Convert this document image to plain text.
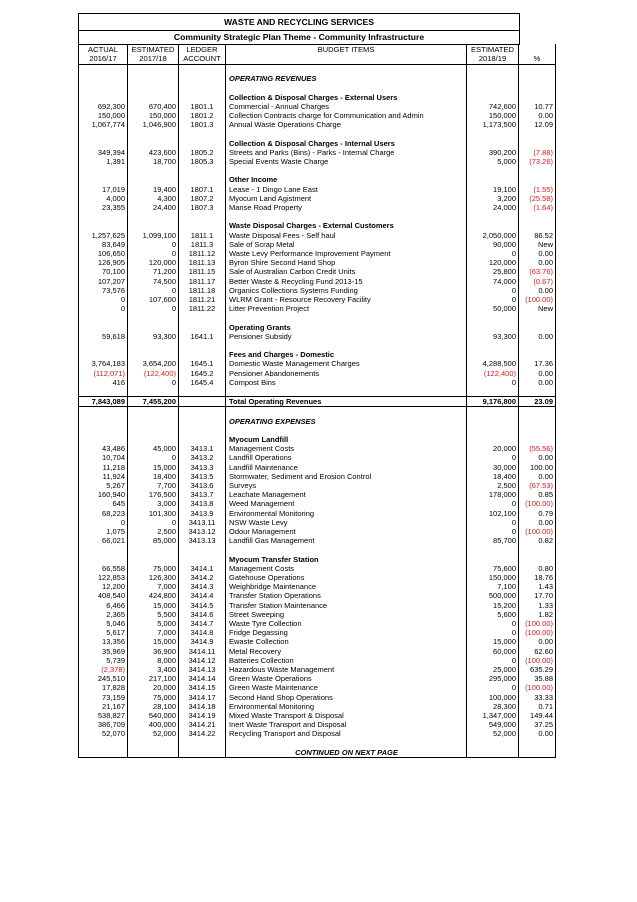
WASTE AND RECYCLING SERVICES
Community Strategic Plan Theme - Community Infrastructure
ACTUAL	ESTIMATED	LEDGER	BUDGET ITEMS	ESTIMATED	
2016/17	2017/18	ACCOUNT		2018/19	%

			OPERATING REVENUES		

			Collection & Disposal Charges - External Users		
692,300	670,400	1801.1	Commercial - Annual Charges	742,600	10.77
150,000	150,000	1801.2	Collection Contracts charge for Communication and Admin	150,000	0.00
1,067,774	1,046,900	1801.3	Annual Waste Operations Charge	1,173,500	12.09

			Collection & Disposal Charges - Internal Users		
349,394	423,600	1805.2	Streets and Parks (Bins) - Parks - Internal Charge	390,200	(7.88)
1,391	18,700	1805.3	Special Events Waste Charge	5,000	(73.26)

			Other Income		
17,019	19,400	1807.1	Lease - 1 Dingo Lane East	19,100	(1.55)
4,000	4,300	1807.2	Myocum Land Agistment	3,200	(25.58)
23,355	24,400	1807.3	Manse Road Property	24,000	(1.64)

			Waste Disposal Charges - External Customers		
1,257,625	1,099,100	1811.1	Waste Disposal Fees - Self haul	2,050,000	86.52
83,649	0	1811.3	Sale of Scrap Metal	90,000	New
106,650	0	1811.12	Waste Levy Performance Improvement Payment	0	0.00
126,905	120,000	1811.13	Byron Shire Second Hand Shop	120,000	0.00
70,100	71,200	1811.15	Sale of Australian Carbon Credit Units	25,800	(63.76)
107,207	74,500	1811.17	Better Waste & Recycling Fund 2013-15	74,000	(0.67)
73,576	0	1811.18	Organics Collections Systems Funding	0	0.00
0	107,600	1811.21	WLRM Grant - Resource Recovery Facility	0	(100.00)
0	0	1811.22	Litter Prevention Project	50,000	New

			Operating Grants		
59,618	93,300	1641.1	Pensioner Subsidy	93,300	0.00

			Fees and Charges - Domestic		
3,764,183	3,654,200	1645.1	Domestic Waste Management Charges	4,288,500	17.36
(112,071)	(122,400)	1645.2	Pensioner Abandonements	(122,400)	0.00
416	0	1645.4	Compost Bins	0	0.00

7,843,089	7,455,200		Total Operating Revenues	9,176,800	23.09

			OPERATING EXPENSES		

			Myocum Landfill		
43,486	45,000	3413.1	Management Costs	20,000	(55.56)
10,704	0	3413.2	Landfill Operations	0	0.00
11,218	15,000	3413.3	Landfill Maintenance	30,000	100.00
11,924	18,400	3413.5	Stormwater, Sediment and Erosion Control	18,400	0.00
5,267	7,700	3413.6	Surveys	2,500	(67.53)
160,940	176,500	3413.7	Leachate Management	178,000	0.85
645	3,000	3413.8	Weed Management	0	(100.00)
68,223	101,300	3413.9	Environmental Monitoring	102,100	0.79
0	0	3413.11	NSW Waste Levy	0	0.00
1,075	2,500	3413.12	Odour Management	0	(100.00)
66,021	85,000	3413.13	Landfill Gas Management	85,700	0.82

			Myocum Transfer Station		
66,558	75,000	3414.1	Management Costs	75,600	0.80
122,853	126,300	3414.2	Gatehouse Operations	150,000	18.76
12,200	7,000	3414.3	Weighbridge Maintenance	7,100	1.43
408,540	424,800	3414.4	Transfer Station Operations	500,000	17.70
6,466	15,000	3414.5	Transfer Station Maintenance	15,200	1.33
2,365	5,500	3414.6	Street Sweeping	5,600	1.82
5,046	5,000	3414.7	Waste Tyre Collection	0	(100.00)
5,617	7,000	3414.8	Fridge Degassing	0	(100.00)
13,356	15,000	3414.9	Ewaste Collection	15,000	0.00
35,969	36,900	3414.11	Metal Recovery	60,000	62.60
5,739	8,000	3414.12	Batteries Collection	0	(100.00)
(2,378)	3,400	3414.13	Hazardous Waste Management	25,000	635.29
245,510	217,100	3414.14	Green Waste Operations	295,000	35.88
17,828	20,000	3414.15	Green Waste Maintenance	0	(100.00)
73,159	75,000	3414.17	Second Hand Shop Operations	100,000	33.33
21,167	28,100	3414.18	Environmental Monitoring	28,300	0.71
538,827	540,000	3414.19	Mixed Waste Transport & Disposal	1,347,000	149.44
386,709	400,000	3414.21	Inert Waste Transport and Disposal	549,000	37.25
52,070	52,000	3414.22	Recycling Transport and Disposal	52,000	0.00

			CONTINUED ON NEXT PAGE		
